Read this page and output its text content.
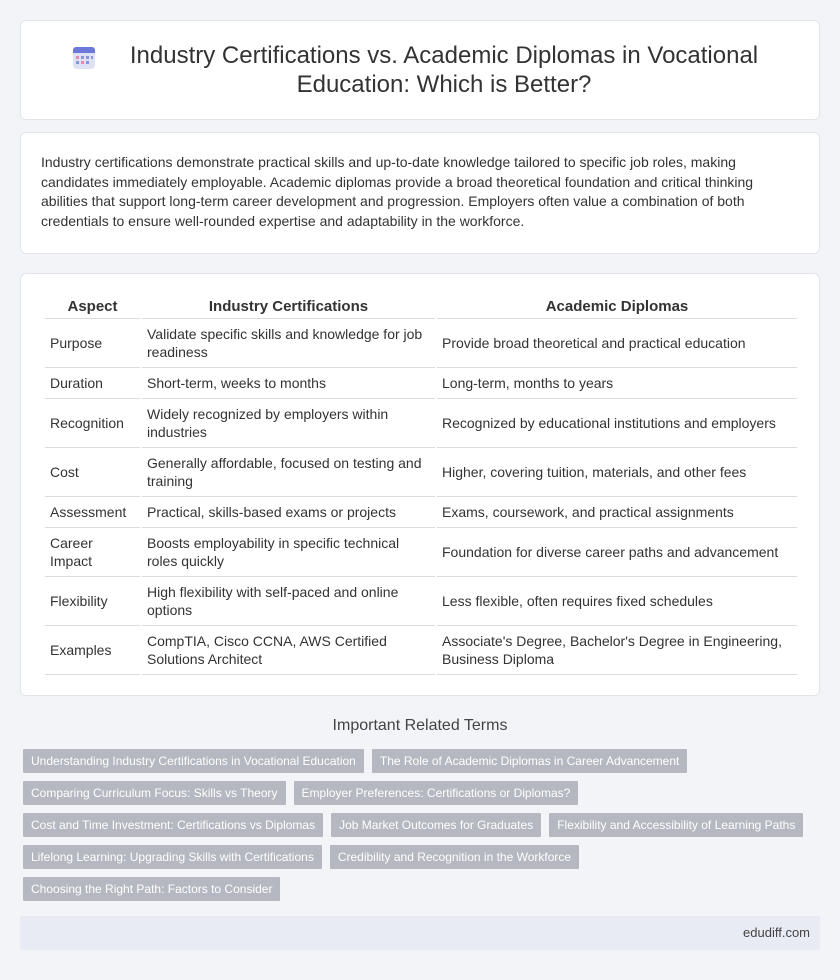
Industry Certifications vs. Academic Diplomas in Vocational Education: Which is Better?

Industry certifications demonstrate practical skills and up-to-date knowledge tailored to specific job roles, making candidates immediately employable. Academic diplomas provide a broad theoretical foundation and critical thinking abilities that support long-term career development and progression. Employers often value a combination of both credentials to ensure well-rounded expertise and adaptability in the workforce.

Aspect	Industry Certifications	Academic Diplomas
Purpose	Validate specific skills and knowledge for job readiness	Provide broad theoretical and practical education
Duration	Short-term, weeks to months	Long-term, months to years
Recognition	Widely recognized by employers within industries	Recognized by educational institutions and employers
Cost	Generally affordable, focused on testing and training	Higher, covering tuition, materials, and other fees
Assessment	Practical, skills-based exams or projects	Exams, coursework, and practical assignments
Career Impact	Boosts employability in specific technical roles quickly	Foundation for diverse career paths and advancement
Flexibility	High flexibility with self-paced and online options	Less flexible, often requires fixed schedules
Examples	CompTIA, Cisco CCNA, AWS Certified Solutions Architect	Associate's Degree, Bachelor's Degree in Engineering, Business Diploma
Important Related Terms
Understanding Industry Certifications in Vocational Education	The Role of Academic Diplomas in Career Advancement
Comparing Curriculum Focus: Skills vs Theory	Employer Preferences: Certifications or Diplomas?
Cost and Time Investment: Certifications vs Diplomas	Job Market Outcomes for Graduates	Flexibility and Accessibility of Learning Paths
Lifelong Learning: Upgrading Skills with Certifications	Credibility and Recognition in the Workforce
Choosing the Right Path: Factors to Consider
edudiff.com
